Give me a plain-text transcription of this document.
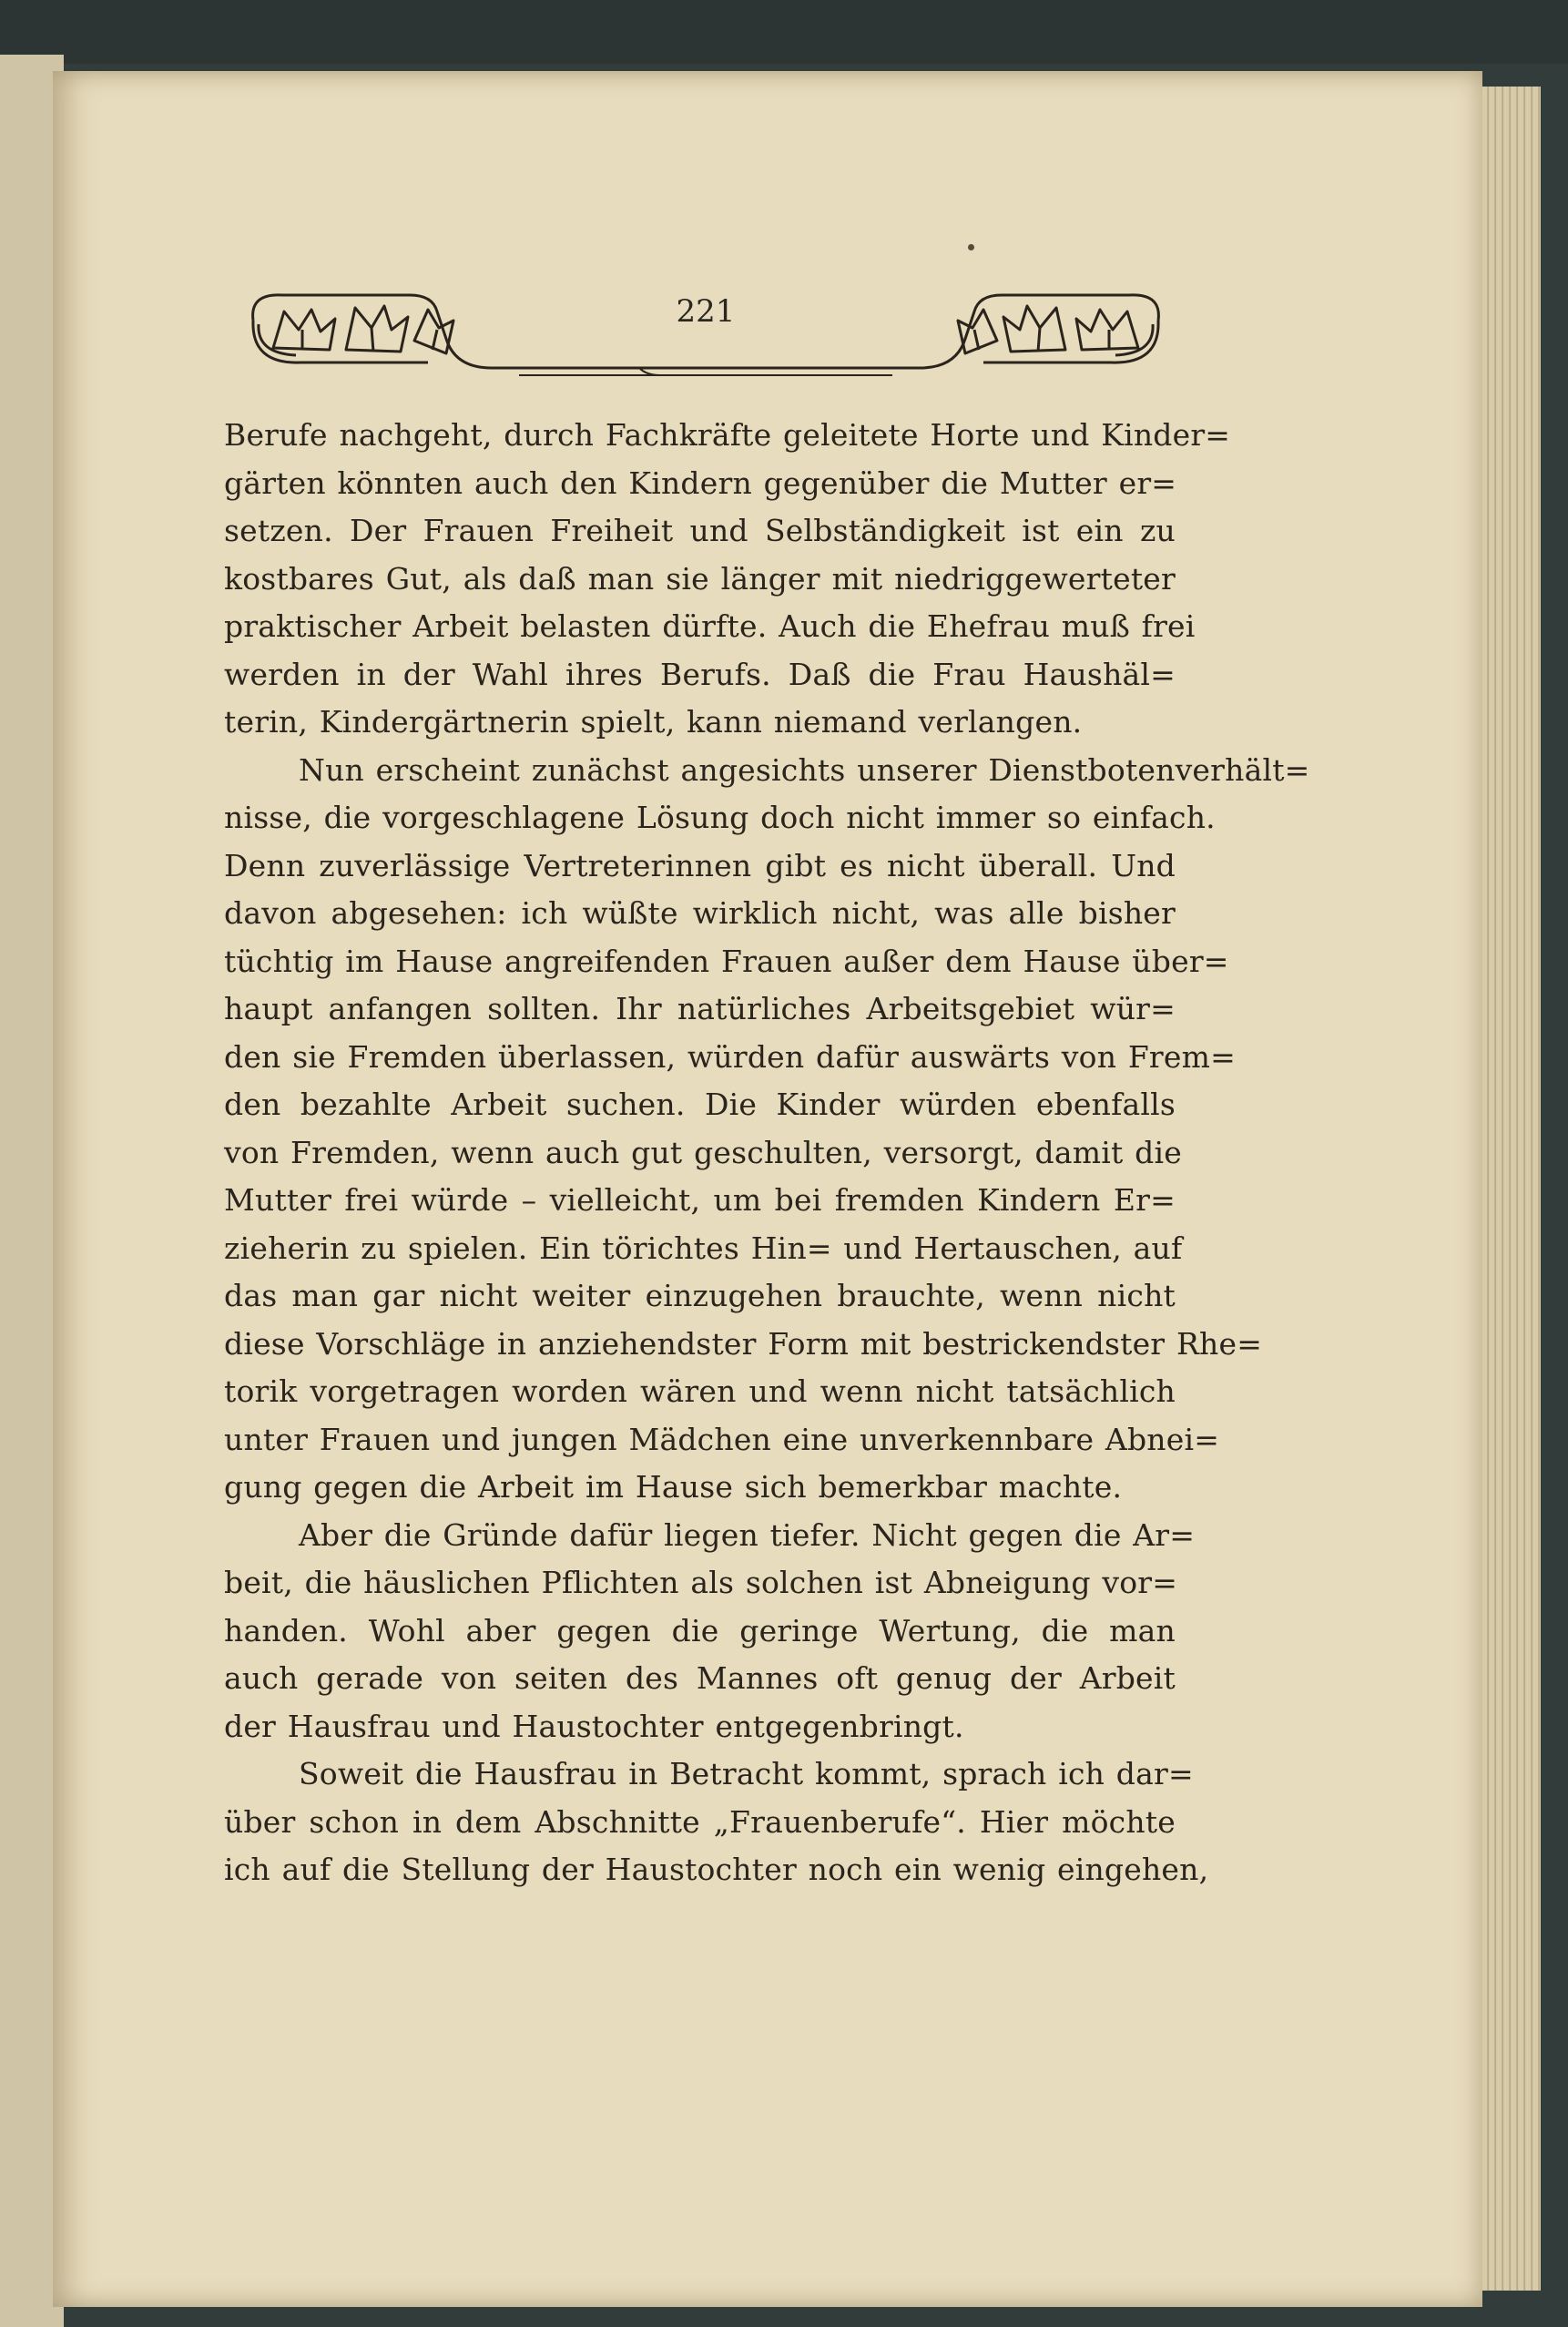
221
Berufe nachgeht, durch Fachkräfte geleitete Horte und Kinder=
gärten könnten auch den Kindern gegenüber die Mutter er=
setzen. Der Frauen Freiheit und Selbständigkeit ist ein zu
kostbares Gut, als daß man sie länger mit niedriggewerteter
praktischer Arbeit belasten dürfte. Auch die Ehefrau muß frei
werden in der Wahl ihres Berufs. Daß die Frau Haushäl=
terin, Kindergärtnerin spielt, kann niemand verlangen.
Nun erscheint zunächst angesichts unserer Dienstbotenverhält=
nisse, die vorgeschlagene Lösung doch nicht immer so einfach.
Denn zuverlässige Vertreterinnen gibt es nicht überall. Und
davon abgesehen: ich wüßte wirklich nicht, was alle bisher
tüchtig im Hause angreifenden Frauen außer dem Hause über=
haupt anfangen sollten. Ihr natürliches Arbeitsgebiet wür=
den sie Fremden überlassen, würden dafür auswärts von Frem=
den bezahlte Arbeit suchen. Die Kinder würden ebenfalls
von Fremden, wenn auch gut geschulten, versorgt, damit die
Mutter frei würde – vielleicht, um bei fremden Kindern Er=
zieherin zu spielen. Ein törichtes Hin= und Hertauschen, auf
das man gar nicht weiter einzugehen brauchte, wenn nicht
diese Vorschläge in anziehendster Form mit bestrickendster Rhe=
torik vorgetragen worden wären und wenn nicht tatsächlich
unter Frauen und jungen Mädchen eine unverkennbare Abnei=
gung gegen die Arbeit im Hause sich bemerkbar machte.
Aber die Gründe dafür liegen tiefer. Nicht gegen die Ar=
beit, die häuslichen Pflichten als solchen ist Abneigung vor=
handen. Wohl aber gegen die geringe Wertung, die man
auch gerade von seiten des Mannes oft genug der Arbeit
der Hausfrau und Haustochter entgegenbringt.
Soweit die Hausfrau in Betracht kommt, sprach ich dar=
über schon in dem Abschnitte „Frauenberufe“. Hier möchte
ich auf die Stellung der Haustochter noch ein wenig eingehen,
